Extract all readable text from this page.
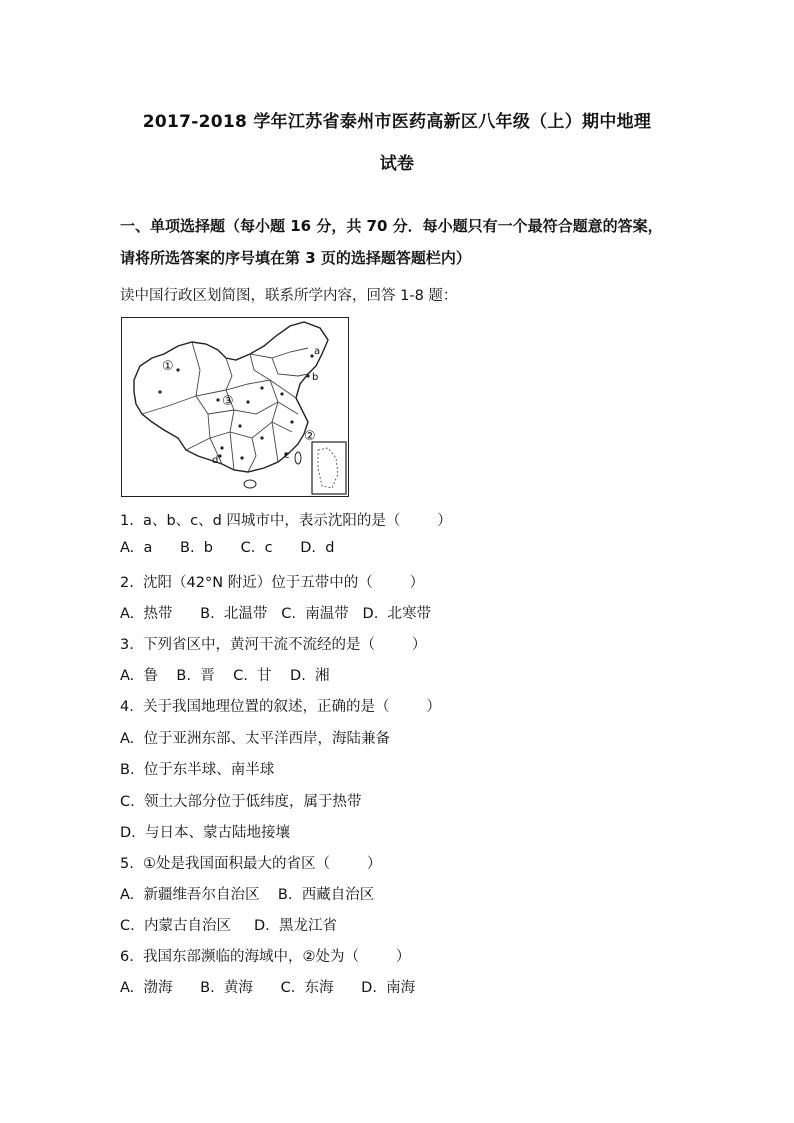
2017-2018 学年江苏省泰州市医药高新区八年级（上）期中地理
试卷
一、单项选择题（每小题 16 分，共 70 分．每小题只有一个最符合题意的答案，
请将所选答案的序号填在第 3 页的选择题答题栏内）
读中国行政区划简图，联系所学内容，回答 1-8 题：
①
②
③
a
b
c
d
1.  a、b、c、d 四城市中，表示沈阳的是（        ）
A.  a      B.  b      C.  c      D.  d
2.  沈阳（42°N 附近）位于五带中的（        ）
A.  热带      B.  北温带   C.  南温带   D.  北寒带
3.  下列省区中，黄河干流不流经的是（        ）
A.  鲁    B.  晋    C.  甘    D.  湘
4.  关于我国地理位置的叙述，正确的是（        ）
A.  位于亚洲东部、太平洋西岸，海陆兼备
B.  位于东半球、南半球
C.  领土大部分位于低纬度，属于热带
D.  与日本、蒙古陆地接壤
5.  ①处是我国面积最大的省区（        ）
A.  新疆维吾尔自治区    B.  西藏自治区
C.  内蒙古自治区     D.  黑龙江省
6.  我国东部濒临的海域中，②处为（        ）
A.  渤海      B.  黄海      C.  东海      D.  南海
